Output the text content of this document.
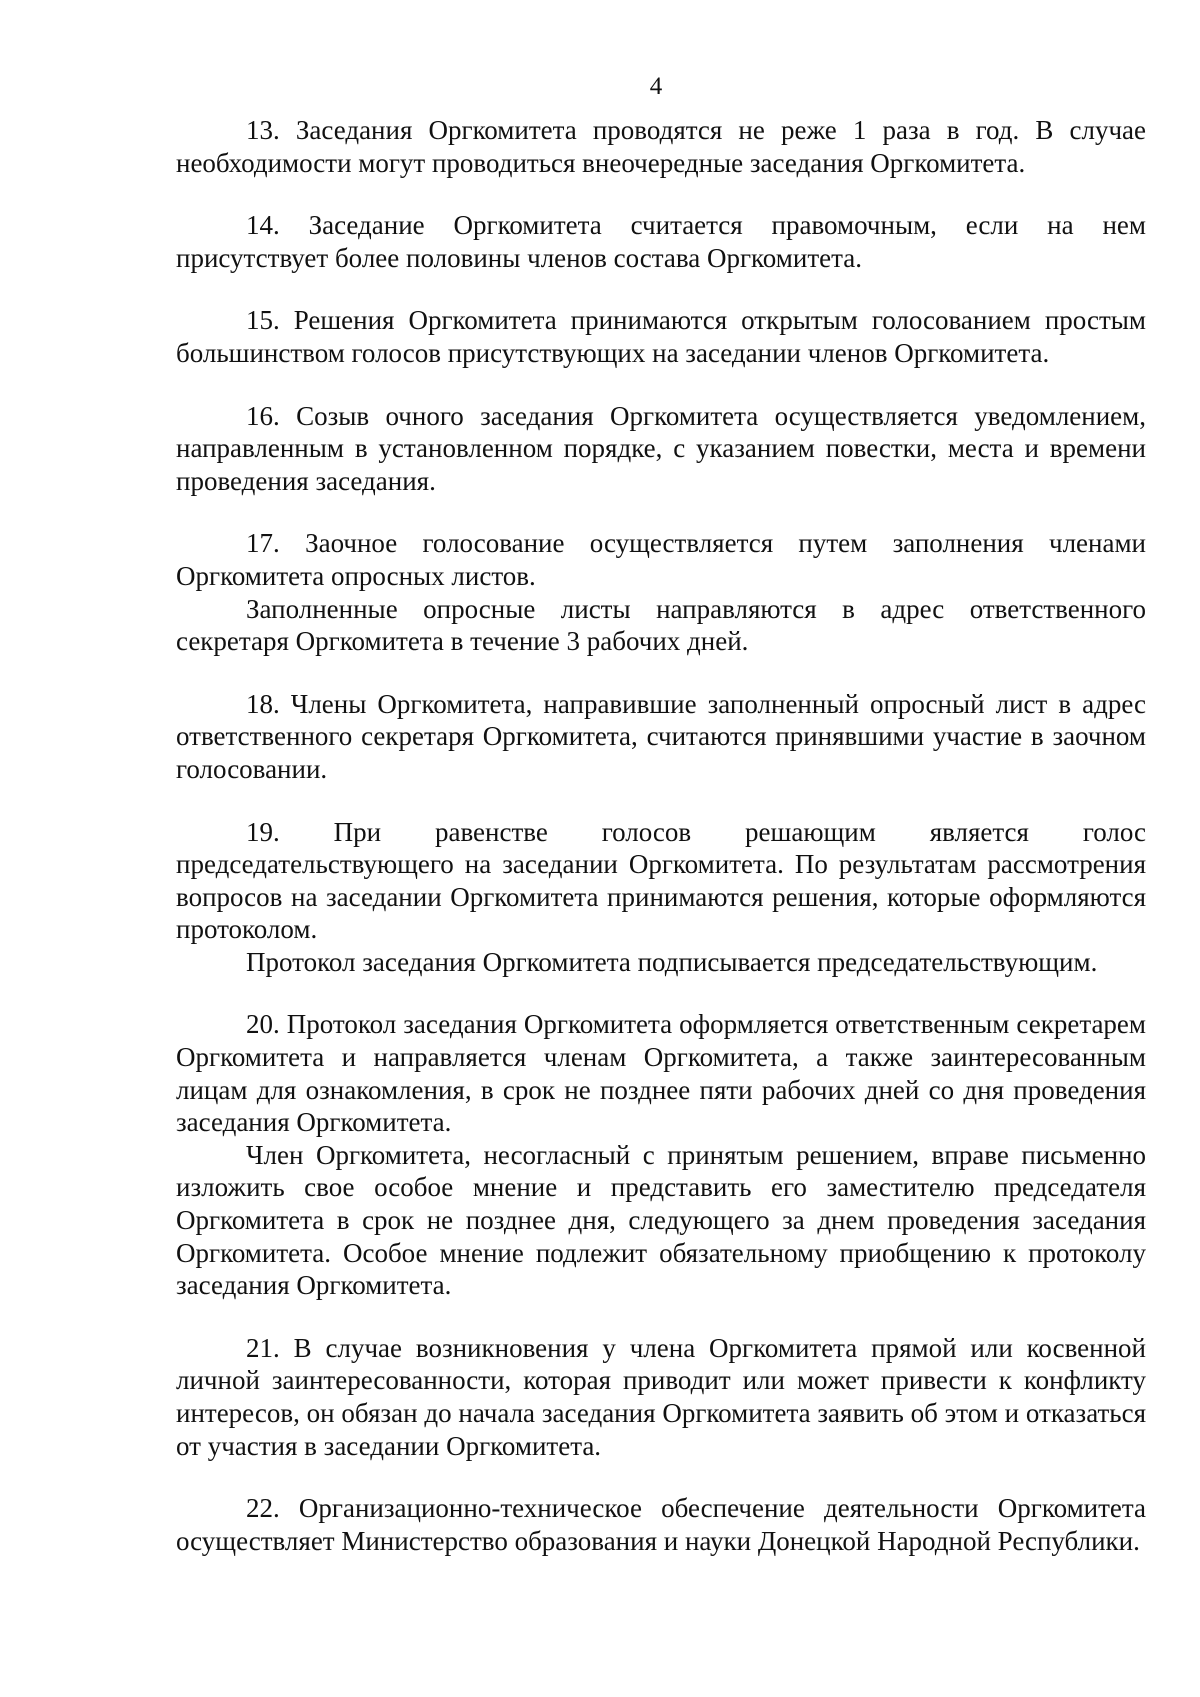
4

13. Заседания Оргкомитета проводятся не реже 1 раза в год. В случае необходимости могут проводиться внеочередные заседания Оргкомитета.

14. Заседание Оргкомитета считается правомочным, если на нем присутствует более половины членов состава Оргкомитета.

15. Решения Оргкомитета принимаются открытым голосованием простым большинством голосов присутствующих на заседании членов Оргкомитета.

16. Созыв очного заседания Оргкомитета осуществляется уведомлением, направленным в установленном порядке, с указанием повестки, места и времени проведения заседания.

17. Заочное голосование осуществляется путем заполнения членами Оргкомитета опросных листов.

Заполненные опросные листы направляются в адрес ответственного секретаря Оргкомитета в течение 3 рабочих дней.

18. Члены Оргкомитета, направившие заполненный опросный лист в адрес ответственного секретаря Оргкомитета, считаются принявшими участие в заочном голосовании.

19. При равенстве голосов решающим является голос председательствующего на заседании Оргкомитета. По результатам рассмотрения вопросов на заседании Оргкомитета принимаются решения, которые оформляются протоколом.

Протокол заседания Оргкомитета подписывается председательствующим.

20. Протокол заседания Оргкомитета оформляется ответственным секретарем Оргкомитета и направляется членам Оргкомитета, а также заинтересованным лицам для ознакомления, в срок не позднее пяти рабочих дней со дня проведения заседания Оргкомитета.

Член Оргкомитета, несогласный с принятым решением, вправе письменно изложить свое особое мнение и представить его заместителю председателя Оргкомитета в срок не позднее дня, следующего за днем проведения заседания Оргкомитета. Особое мнение подлежит обязательному приобщению к протоколу заседания Оргкомитета.

21. В случае возникновения у члена Оргкомитета прямой или косвенной личной заинтересованности, которая приводит или может привести к конфликту интересов, он обязан до начала заседания Оргкомитета заявить об этом и отказаться от участия в заседании Оргкомитета.

22. Организационно-техническое обеспечение деятельности Оргкомитета осуществляет Министерство образования и науки Донецкой Народной Республики.
